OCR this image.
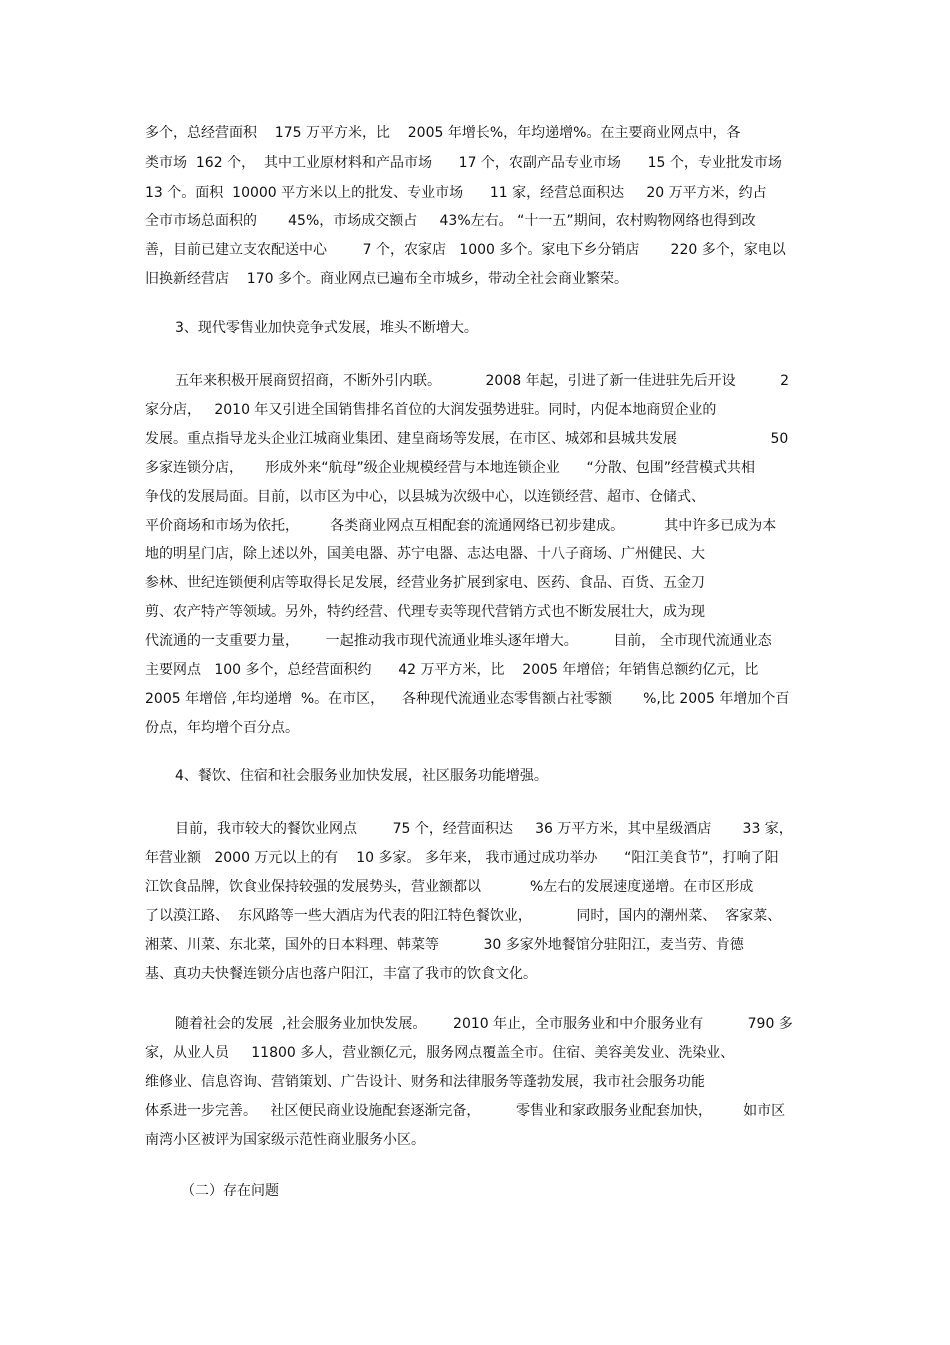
多个，总经营面积    175 万平方米，比    2005 年增长%，年均递增%。在主要商业网点中，各

类市场  162 个，  其中工业原材料和产品市场      17 个，农副产品专业市场      15 个，专业批发市场

13 个。面积  10000 平方米以上的批发、专业市场      11 家，经营总面积达     20 万平方米，约占

全市市场总面积的       45%，市场成交额占     43%左右。 “十一五”期间，农村购物网络也得到改

善，目前已建立支农配送中心        7 个，农家店   1000 多个。家电下乡分销店       220 多个，家电以

旧换新经营店    170 多个。商业网点已遍布全市城乡，带动全社会商业繁荣。

3、现代零售业加快竞争式发展，堆头不断增大。

五年来积极开展商贸招商，不断外引内联。          2008 年起，引进了新一佳进驻先后开设          2

家分店，   2010 年又引进全国销售排名首位的大润发强势进驻。同时，内促本地商贸企业的

发展。重点指导龙头企业江城商业集团、建皇商场等发展，在市区、城郊和县城共发展                     50

多家连锁分店，     形成外来“航母”级企业规模经营与本地连锁企业      “分散、包围”经营模式共相

争伐的发展局面。目前，以市区为中心，以县城为次级中心，以连锁经营、超市、仓储式、

平价商场和市场为依托，       各类商业网点互相配套的流通网络已初步建成。         其中许多已成为本

地的明星门店，除上述以外，国美电器、苏宁电器、志达电器、十八子商场、广州健民、大

参林、世纪连锁便利店等取得长足发展，经营业务扩展到家电、医药、食品、百货、五金刀

剪、农产特产等领域。另外，特约经营、代理专卖等现代营销方式也不断发展壮大，成为现

代流通的一支重要力量，      一起推动我市现代流通业堆头逐年增大。        目前， 全市现代流通业态

主要网点   100 多个，总经营面积约      42 万平方米，比    2005 年增倍；年销售总额约亿元，比

2005 年增倍 ,年均递增  %。在市区，    各种现代流通业态零售额占社零额       %,比 2005 年增加个百

份点，年均增个百分点。

4、餐饮、住宿和社会服务业加快发展，社区服务功能增强。

目前，我市较大的餐饮业网点        75 个，经营面积达     36 万平方米，其中星级酒店       33 家，

年营业额   2000 万元以上的有    10 多家。 多年来， 我市通过成功举办      “阳江美食节”，打响了阳

江饮食品牌，饮食业保持较强的发展势头，营业额都以           %左右的发展速度递增。在市区形成

了以漠江路、  东风路等一些大酒店为代表的阳江特色餐饮业，          同时，国内的潮州菜、  客家菜、

湘菜、川菜、东北菜，国外的日本料理、韩菜等          30 多家外地餐馆分驻阳江，麦当劳、肯德

基、真功夫快餐连锁分店也落户阳江，丰富了我市的饮食文化。

随着社会的发展  ,社会服务业加快发展。      2010 年止，全市服务业和中介服务业有          790 多

家，从业人员     11800 多人，营业额亿元，服务网点覆盖全市。住宿、美容美发业、洗染业、

维修业、信息咨询、营销策划、广告设计、财务和法律服务等蓬勃发展，我市社会服务功能

体系进一步完善。   社区便民商业设施配套逐渐完备，        零售业和家政服务业配套加快，       如市区

南湾小区被评为国家级示范性商业服务小区。

（二）存在问题
